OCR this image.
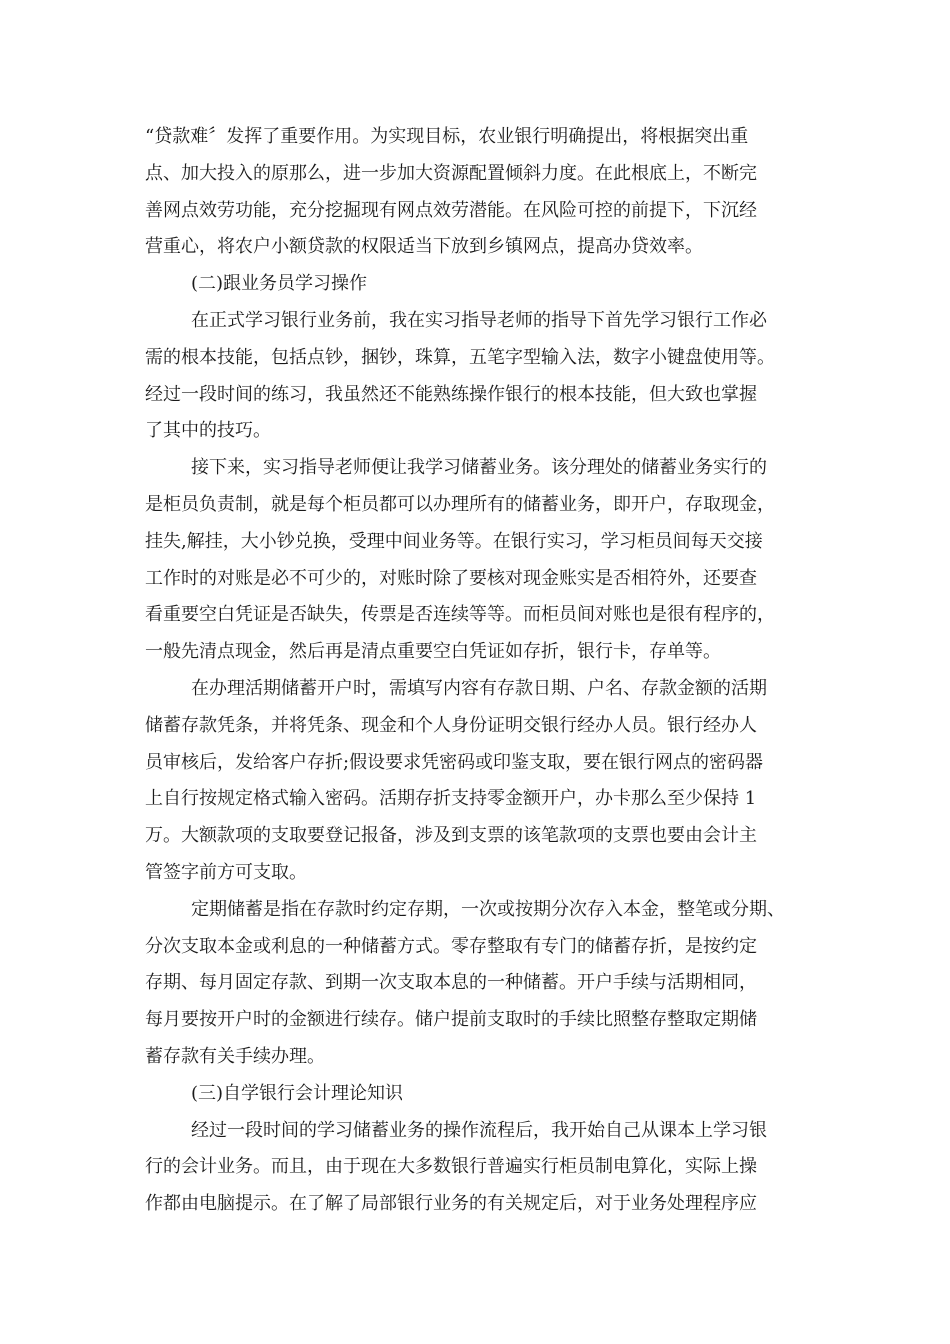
“贷款难〞发挥了重要作用。为实现目标，农业银行明确提出，将根据突出重
点、加大投入的原那么，进一步加大资源配置倾斜力度。在此根底上，不断完
善网点效劳功能，充分挖掘现有网点效劳潜能。在风险可控的前提下，下沉经
营重心，将农户小额贷款的权限适当下放到乡镇网点，提高办贷效率。
(二)跟业务员学习操作
在正式学习银行业务前，我在实习指导老师的指导下首先学习银行工作必
需的根本技能，包括点钞，捆钞，珠算，五笔字型输入法，数字小键盘使用等。
经过一段时间的练习，我虽然还不能熟练操作银行的根本技能，但大致也掌握
了其中的技巧。
接下来，实习指导老师便让我学习储蓄业务。该分理处的储蓄业务实行的
是柜员负责制，就是每个柜员都可以办理所有的储蓄业务，即开户，存取现金，
挂失,解挂，大小钞兑换，受理中间业务等。在银行实习，学习柜员间每天交接
工作时的对账是必不可少的，对账时除了要核对现金账实是否相符外，还要查
看重要空白凭证是否缺失，传票是否连续等等。而柜员间对账也是很有程序的，
一般先清点现金，然后再是清点重要空白凭证如存折，银行卡，存单等。
在办理活期储蓄开户时，需填写内容有存款日期、户名、存款金额的活期
储蓄存款凭条，并将凭条、现金和个人身份证明交银行经办人员。银行经办人
员审核后，发给客户存折;假设要求凭密码或印鉴支取，要在银行网点的密码器
上自行按规定格式输入密码。活期存折支持零金额开户，办卡那么至少保持 1
万。大额款项的支取要登记报备，涉及到支票的该笔款项的支票也要由会计主
管签字前方可支取。
定期储蓄是指在存款时约定存期，一次或按期分次存入本金，整笔或分期、
分次支取本金或利息的一种储蓄方式。零存整取有专门的储蓄存折，是按约定
存期、每月固定存款、到期一次支取本息的一种储蓄。开户手续与活期相同，
每月要按开户时的金额进行续存。储户提前支取时的手续比照整存整取定期储
蓄存款有关手续办理。
(三)自学银行会计理论知识
经过一段时间的学习储蓄业务的操作流程后，我开始自己从课本上学习银
行的会计业务。而且，由于现在大多数银行普遍实行柜员制电算化，实际上操
作都由电脑提示。在了解了局部银行业务的有关规定后，对于业务处理程序应
